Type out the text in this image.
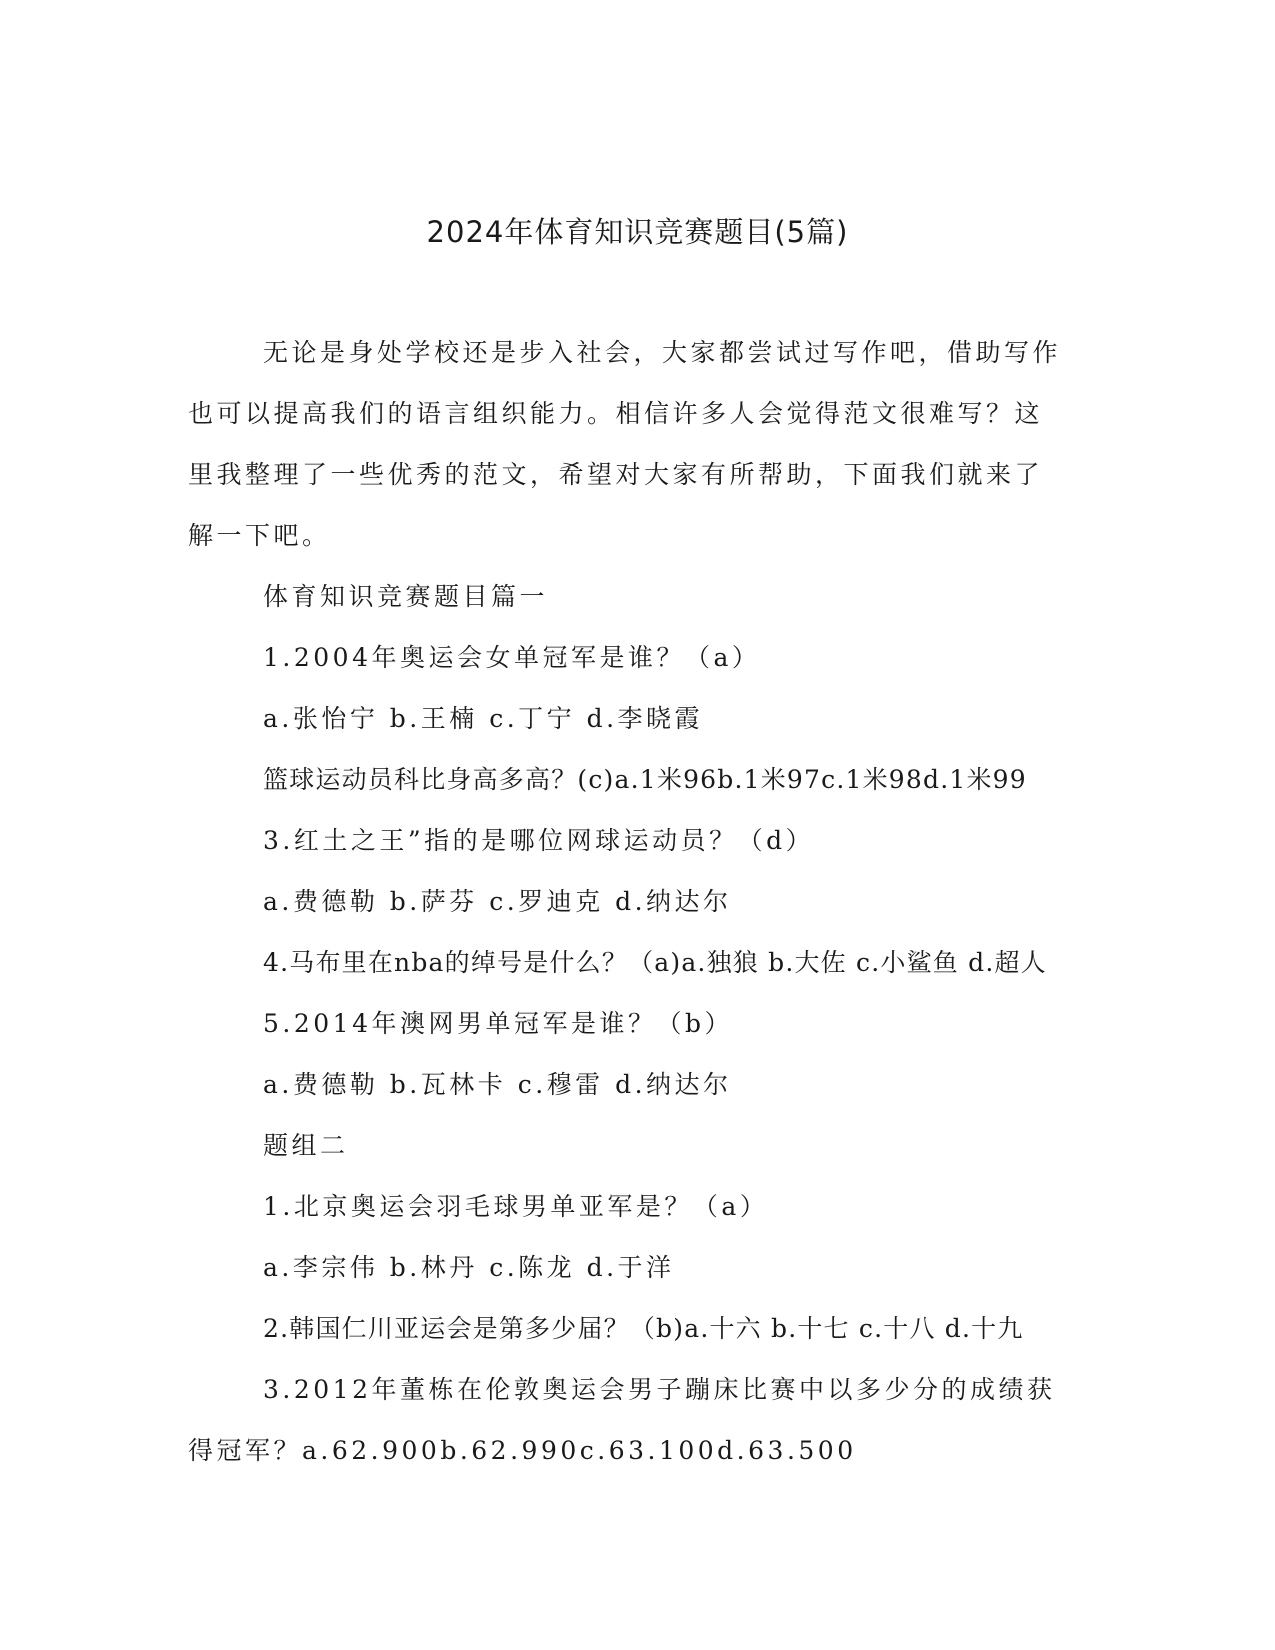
2024年体育知识竞赛题目(5篇)

无论是身处学校还是步入社会，大家都尝试过写作吧，借助写作也可以提高我们的语言组织能力。相信许多人会觉得范文很难写？这里我整理了一些优秀的范文，希望对大家有所帮助，下面我们就来了解一下吧。

体育知识竞赛题目篇一

1.2004年奥运会女单冠军是谁？（a）

a.张怡宁 b.王楠 c.丁宁 d.李晓霞

篮球运动员科比身高多高？(c)a.1米96b.1米97c.1米98d.1米99

3.红土之王”指的是哪位网球运动员？（d）

a.费德勒 b.萨芬 c.罗迪克 d.纳达尔

4.马布里在nba的绰号是什么？（a)a.独狼 b.大佐 c.小鲨鱼 d.超人

5.2014年澳网男单冠军是谁？（b）

a.费德勒 b.瓦林卡 c.穆雷 d.纳达尔

题组二

1.北京奥运会羽毛球男单亚军是？（a）

a.李宗伟 b.林丹 c.陈龙 d.于洋

2.韩国仁川亚运会是第多少届？（b)a.十六 b.十七 c.十八 d.十九

3.2012年董栋在伦敦奥运会男子蹦床比赛中以多少分的成绩获得冠军？a.62.900b.62.990c.63.100d.63.500
